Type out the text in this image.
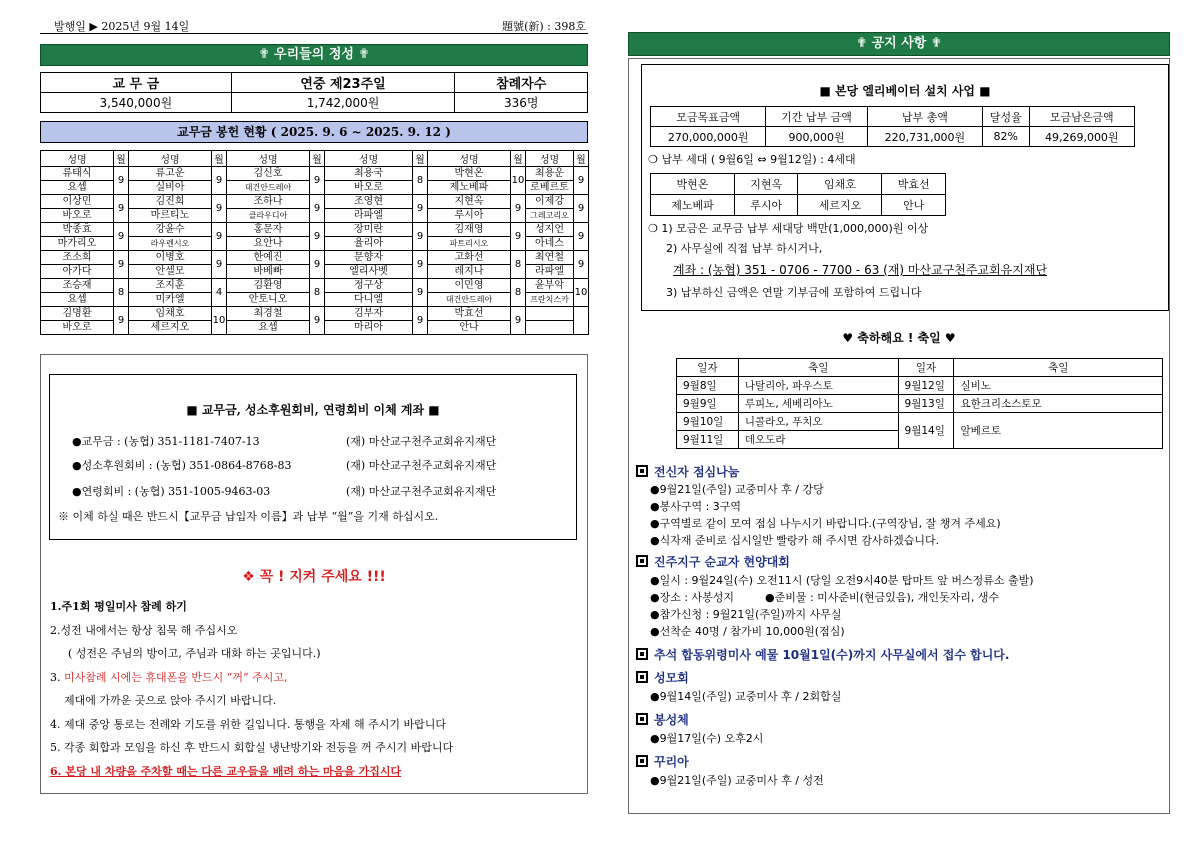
발행일 ▶ 2025년 9월 14일	題號(新) : 398호
✟ 우리들의 정성 ✟
교 무 금	연중 제23주일	참례자수
3,540,000원	1,742,000원	336명
교무금 봉헌 현황 ( 2025. 9. 6 ~ 2025. 9. 12 )
성명	월	성명	월	성명	월	성명	월	성명	월	성명	월
류태식	9	류고운	9	김신호	9	최용국	8	박현온	10	최용운	9
요셉		실비아		대건안드레아		바오로		제노베파		로베르토	
이상민	9	김진희	9	조하나	9	조영현	9	지현옥	9	이제강	9
바오로		마르티노		클라우디아		라파엘		루시아		그레고리오	
박종효	9	강윤수	9	홍문자	9	장미란	9	김재영	9	성지언	9
마가리오		라우렌시오		요안나		율리아		파트리시오		아네스	
조소희	9	이병호	9	한예진	9	문향자	9	고화선	8	최연철	9
아가다		안셀모		바베빠		엘리사벳		레지나		라파엘	
조승재	8	조지훈	4	김환영	8	정구상	9	이민영	8	윤부악	10
요셉		미카엘		안토니오		다니엘		대건안드레아		프란치스카	
김명환	9	임채호	10	최경철	9	김부자	9	박효선	9		
바오로		세르지오		요셉		마리아		안나			
■ 교무금, 성소후원회비, 연령회비 이체 계좌 ■
●교무금 : (농협) 351-1181-7407-13	(재) 마산교구천주교회유지재단
●성소후원회비 : (농협) 351-0864-8768-83	(재) 마산교구천주교회유지재단
●연령회비 : (농협) 351-1005-9463-03	(재) 마산교구천주교회유지재단
※ 이체 하실 때은 반드시【교무금 납입자 이름】과 납부 “월”을 기재 하십시오.
❖ 꼭 ! 지켜 주세요 !!!
1.주1회 평일미사 참례 하기
2.성전 내에서는 항상 침묵 해 주십시오
( 성전은 주님의 방이고, 주님과 대화 하는 곳입니다.)
3. 미사참례 시에는 휴대폰을 반드시 “꺼” 주시고,
제대에 가까운 곳으로 앉아 주시기 바랍니다.
4. 제대 중앙 통로는 전례와 기도를 위한 길입니다. 통행을 자제 해 주시기 바랍니다
5. 각종 회합과 모임을 하신 후 반드시 회합실 냉난방기와 전등을 꺼 주시기 바랍니다
6. 본당 내 차량을 주차할 때는 다른 교우들을 배려 하는 마음을 가집시다
✟ 공지 사항 ✟
■ 본당 엘리베이터 설치 사업 ■
모금목표금액	기간 납부 금액	납부 총액	달성율	모금남은금액
270,000,000원	900,000원	220,731,000원	82%	49,269,000원
❍ 납부 세대 ( 9월6일 ⇔ 9월12일) : 4세대
박현온	지현옥	임채호	박효선
제노베파	루시아	세르지오	안나
❍ 1) 모금은 교무금 납부 세대당 백만(1,000,000)원 이상
2) 사무실에 직접 납부 하시거나,
계좌 : (농협) 351 - 0706 - 7700 - 63 (재) 마산교구천주교회유지재단
3) 납부하신 금액은 연말 기부금에 포함하여 드립니다
♥ 축하해요 ! 축일 ♥
일자	축일	일자	축일
9월8일	나탈리아, 파우스토	9월12일	실비노
9월9일	루피노, 세베리아노	9월13일	요한크리소스토모
9월10일	니콜라오, 푸치오	9월14일	알베르토
9월11일	데오도라		
전신자 점심나눔
●9월21일(주일) 교중미사 후 / 강당
●봉사구역 : 3구역
●구역별로 같이 모여 점심 나누시기 바랍니다.(구역장님, 잘 챙겨 주세요)
●식자재 준비로 십시일반 빨랑카 해 주시면 감사하겠습니다.
진주지구 순교자 현양대회
●일시 : 9월24일(수) 오전11시 (당일 오전9시40분 탑마트 앞 버스정류소 출발)
●장소 : 사봉성지	●준비물 : 미사준비(현금있음), 개인돗자리, 생수
●참가신청 : 9월21일(주일)까지 사무실
●선착순 40명 / 참가비 10,000원(점심)
추석 합동위령미사 예물 10월1일(수)까지 사무실에서 접수 합니다.
성모회
●9월14일(주일) 교중미사 후 / 2회합실
봉성체
●9월17일(수) 오후2시
꾸리아
●9월21일(주일) 교중미사 후 / 성전
